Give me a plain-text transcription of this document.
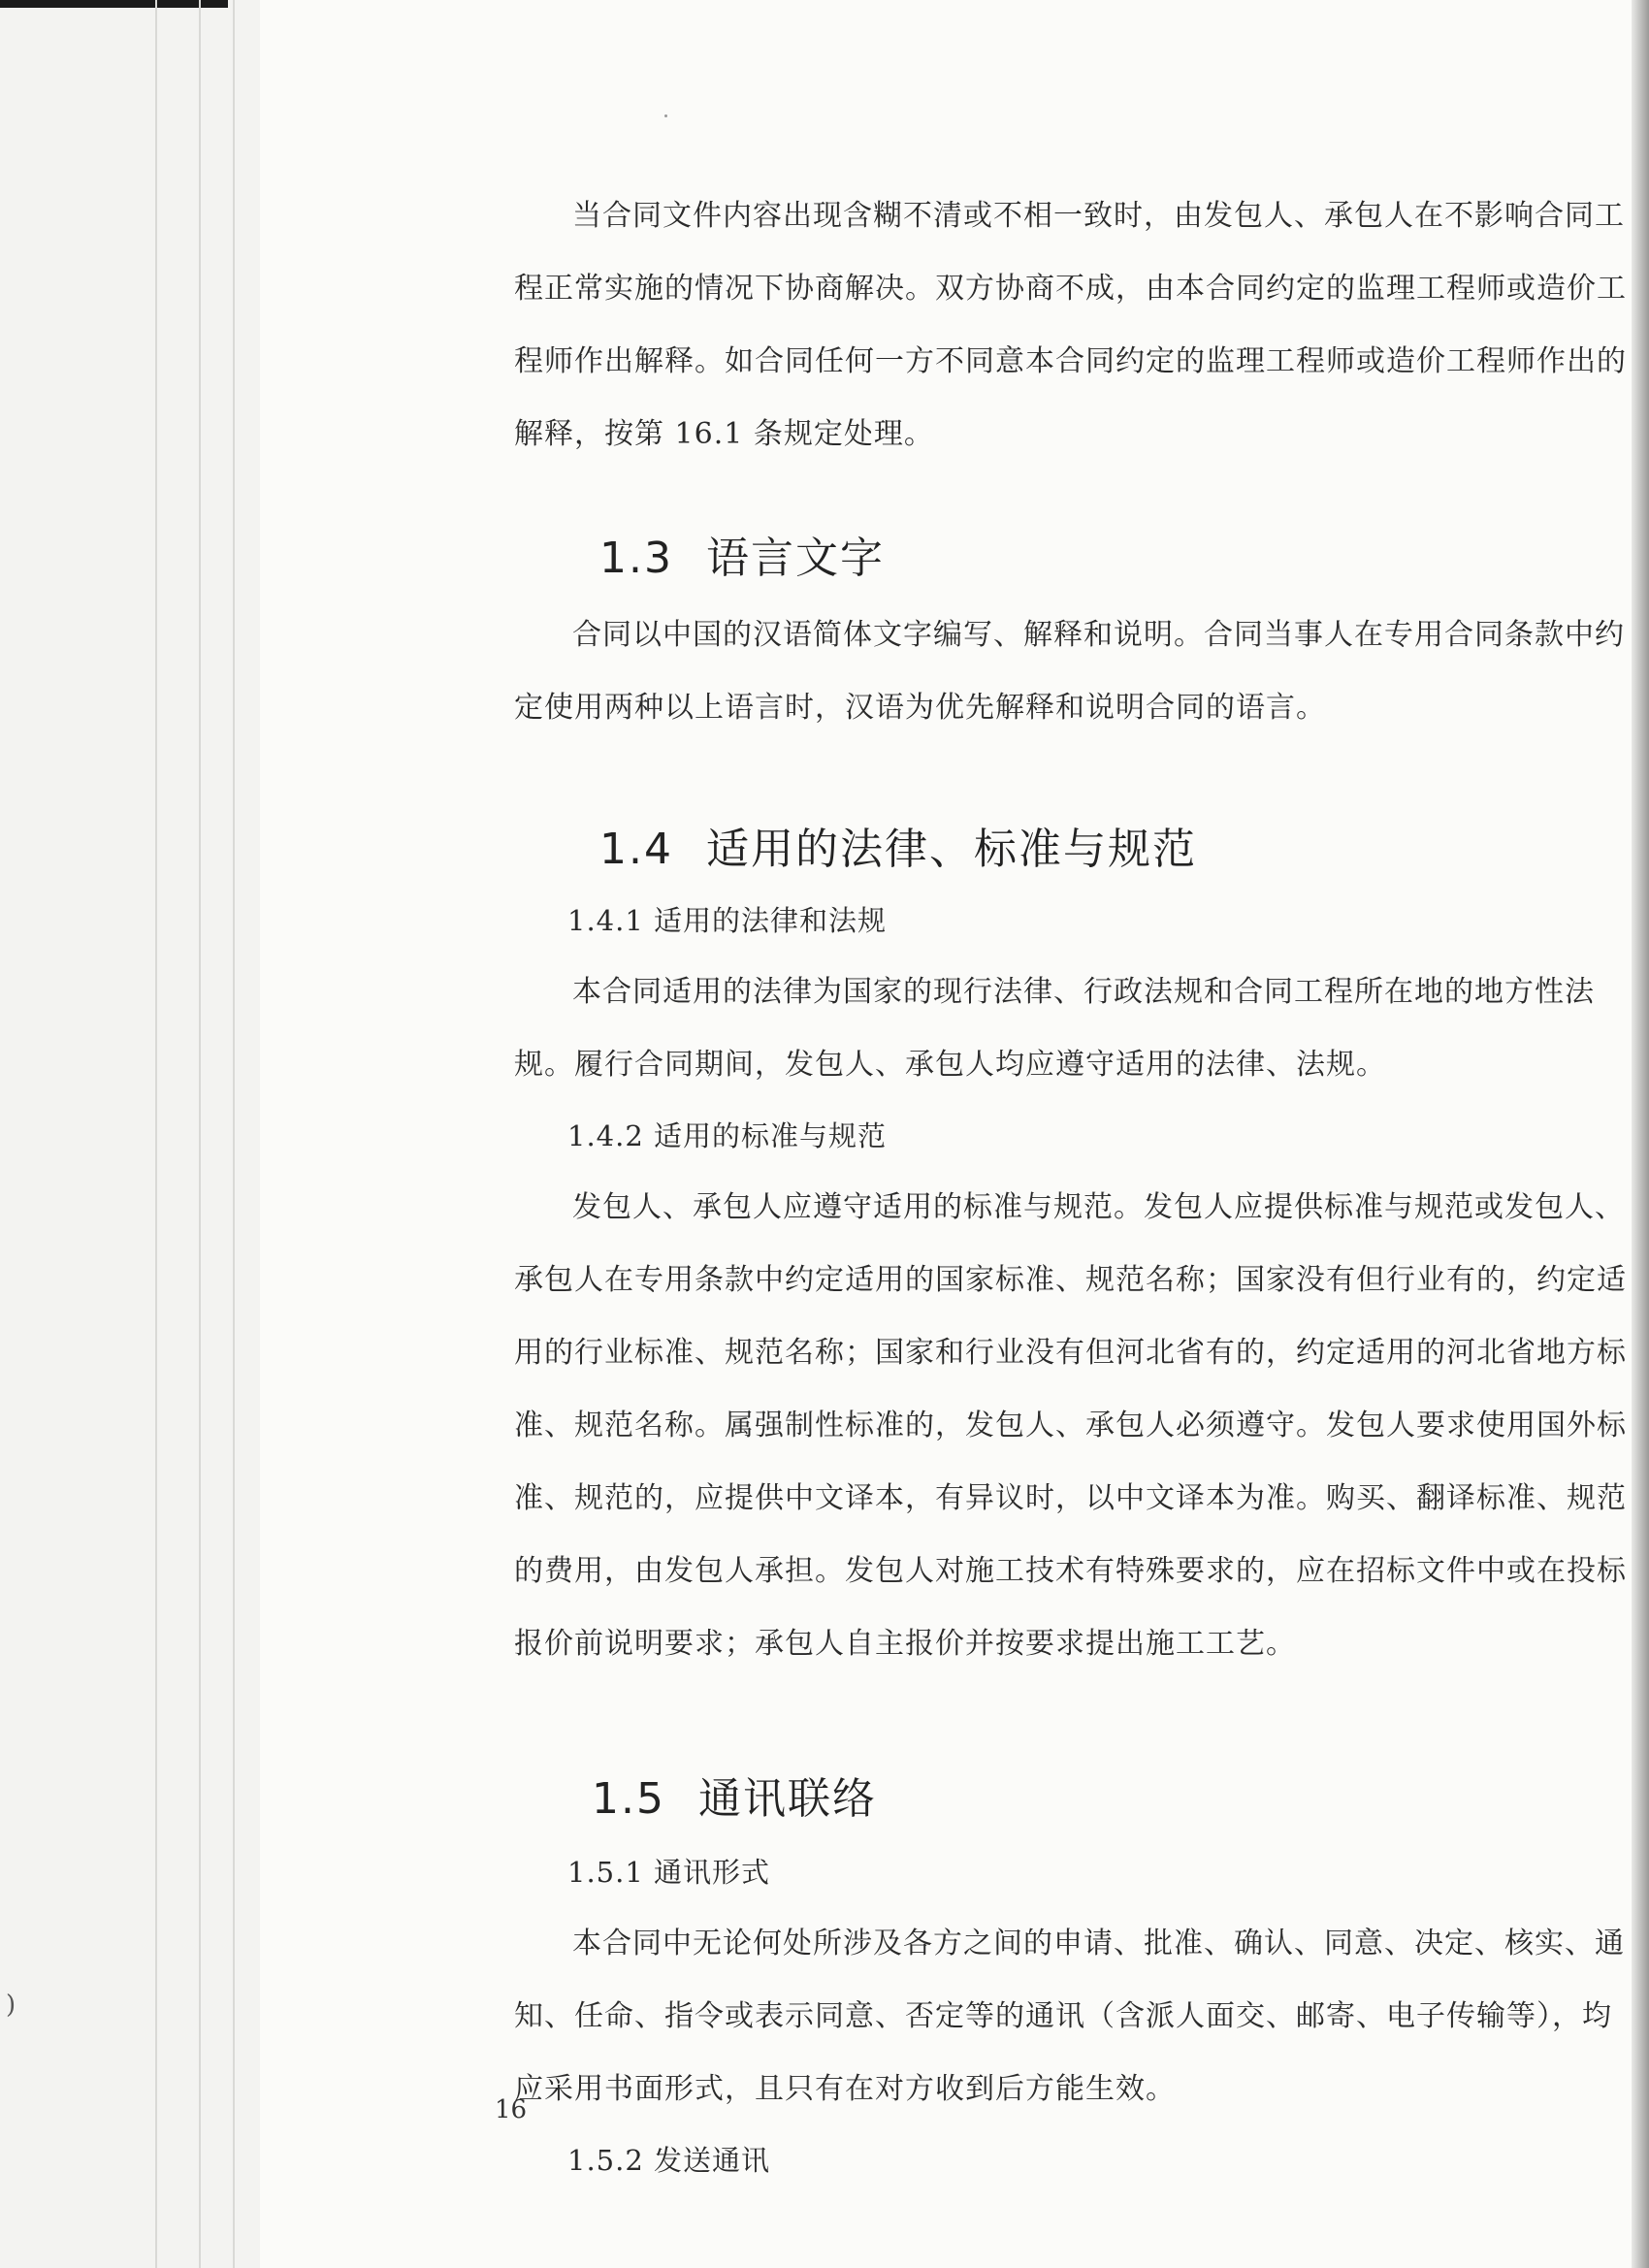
)

当合同文件内容出现含糊不清或不相一致时，由发包人、承包人在不影响合同工程正常实施的情况下协商解决。双方协商不成，由本合同约定的监理工程师或造价工程师作出解释。如合同任何一方不同意本合同约定的监理工程师或造价工程师作出的解释，按第 16.1 条规定处理。

1.3 语言文字

合同以中国的汉语简体文字编写、解释和说明。合同当事人在专用合同条款中约定使用两种以上语言时，汉语为优先解释和说明合同的语言。

1.4 适用的法律、标准与规范
1.4.1 适用的法律和法规

本合同适用的法律为国家的现行法律、行政法规和合同工程所在地的地方性法规。履行合同期间，发包人、承包人均应遵守适用的法律、法规。

1.4.2 适用的标准与规范

发包人、承包人应遵守适用的标准与规范。发包人应提供标准与规范或发包人、承包人在专用条款中约定适用的国家标准、规范名称；国家没有但行业有的，约定适用的行业标准、规范名称；国家和行业没有但河北省有的，约定适用的河北省地方标准、规范名称。属强制性标准的，发包人、承包人必须遵守。发包人要求使用国外标准、规范的，应提供中文译本，有异议时，以中文译本为准。购买、翻译标准、规范的费用，由发包人承担。发包人对施工技术有特殊要求的，应在招标文件中或在投标报价前说明要求；承包人自主报价并按要求提出施工工艺。

1.5 通讯联络
1.5.1 通讯形式

本合同中无论何处所涉及各方之间的申请、批准、确认、同意、决定、核实、通知、任命、指令或表示同意、否定等的通讯（含派人面交、邮寄、电子传输等），均应采用书面形式，且只有在对方收到后方能生效。

1.5.2 发送通讯
16
